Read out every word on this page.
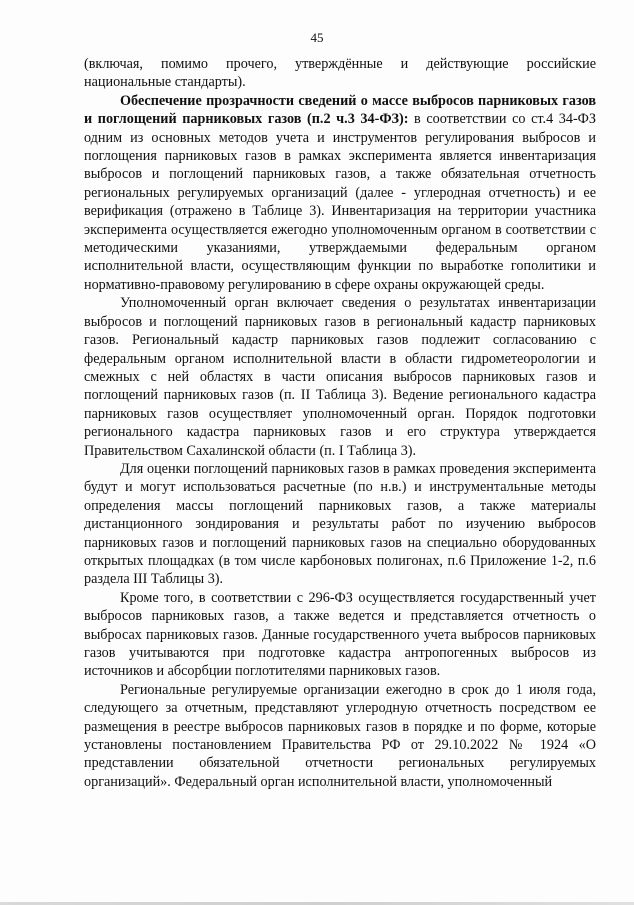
45

(включая, помимо прочего, утверждённые и действующие российские национальные стандарты).

Обеспечение прозрачности сведений о массе выбросов парниковых газов и поглощений парниковых газов (п.2 ч.3 34-ФЗ): в соответствии со ст.4 34-ФЗ одним из основных методов учета и инструментов регулирования выбросов и поглощения парниковых газов в рамках эксперимента является инвентаризация выбросов и поглощений парниковых газов, а также обязательная отчетность региональных регулируемых организаций (далее - углеродная отчетность) и ее верификация (отражено в Таблице 3). Инвентаризация на территории участника эксперимента осуществляется ежегодно уполномоченным органом в соответствии с методическими указаниями, утверждаемыми федеральным органом исполнительной власти, осуществляющим функции по выработке гополитики и нормативно-правовому регулированию в сфере охраны окружающей среды.

Уполномоченный орган включает сведения о результатах инвентаризации выбросов и поглощений парниковых газов в региональный кадастр парниковых газов. Региональный кадастр парниковых газов подлежит согласованию с федеральным органом исполнительной власти в области гидрометеорологии и смежных с ней областях в части описания выбросов парниковых газов и поглощений парниковых газов (п. II Таблица 3). Ведение регионального кадастра парниковых газов осуществляет уполномоченный орган. Порядок подготовки регионального кадастра парниковых газов и его структура утверждается Правительством Сахалинской области (п. I Таблица 3).

Для оценки поглощений парниковых газов в рамках проведения эксперимента будут и могут использоваться расчетные (по н.в.) и инструментальные методы определения массы поглощений парниковых газов, а также материалы дистанционного зондирования и результаты работ по изучению выбросов парниковых газов и поглощений парниковых газов на специально оборудованных открытых площадках (в том числе карбоновых полигонах, п.6 Приложение 1-2, п.6 раздела III Таблицы 3).

Кроме того, в соответствии с 296-ФЗ осуществляется государственный учет выбросов парниковых газов, а также ведется и представляется отчетность о выбросах парниковых газов. Данные государственного учета выбросов парниковых газов учитываются при подготовке кадастра антропогенных выбросов из источников и абсорбции поглотителями парниковых газов.

Региональные регулируемые организации ежегодно в срок до 1 июля года, следующего за отчетным, представляют углеродную отчетность посредством ее размещения в реестре выбросов парниковых газов в порядке и по форме, которые установлены постановлением Правительства РФ от 29.10.2022 № 1924 «О представлении обязательной отчетности региональных регулируемых организаций». Федеральный орган исполнительной власти, уполномоченный
